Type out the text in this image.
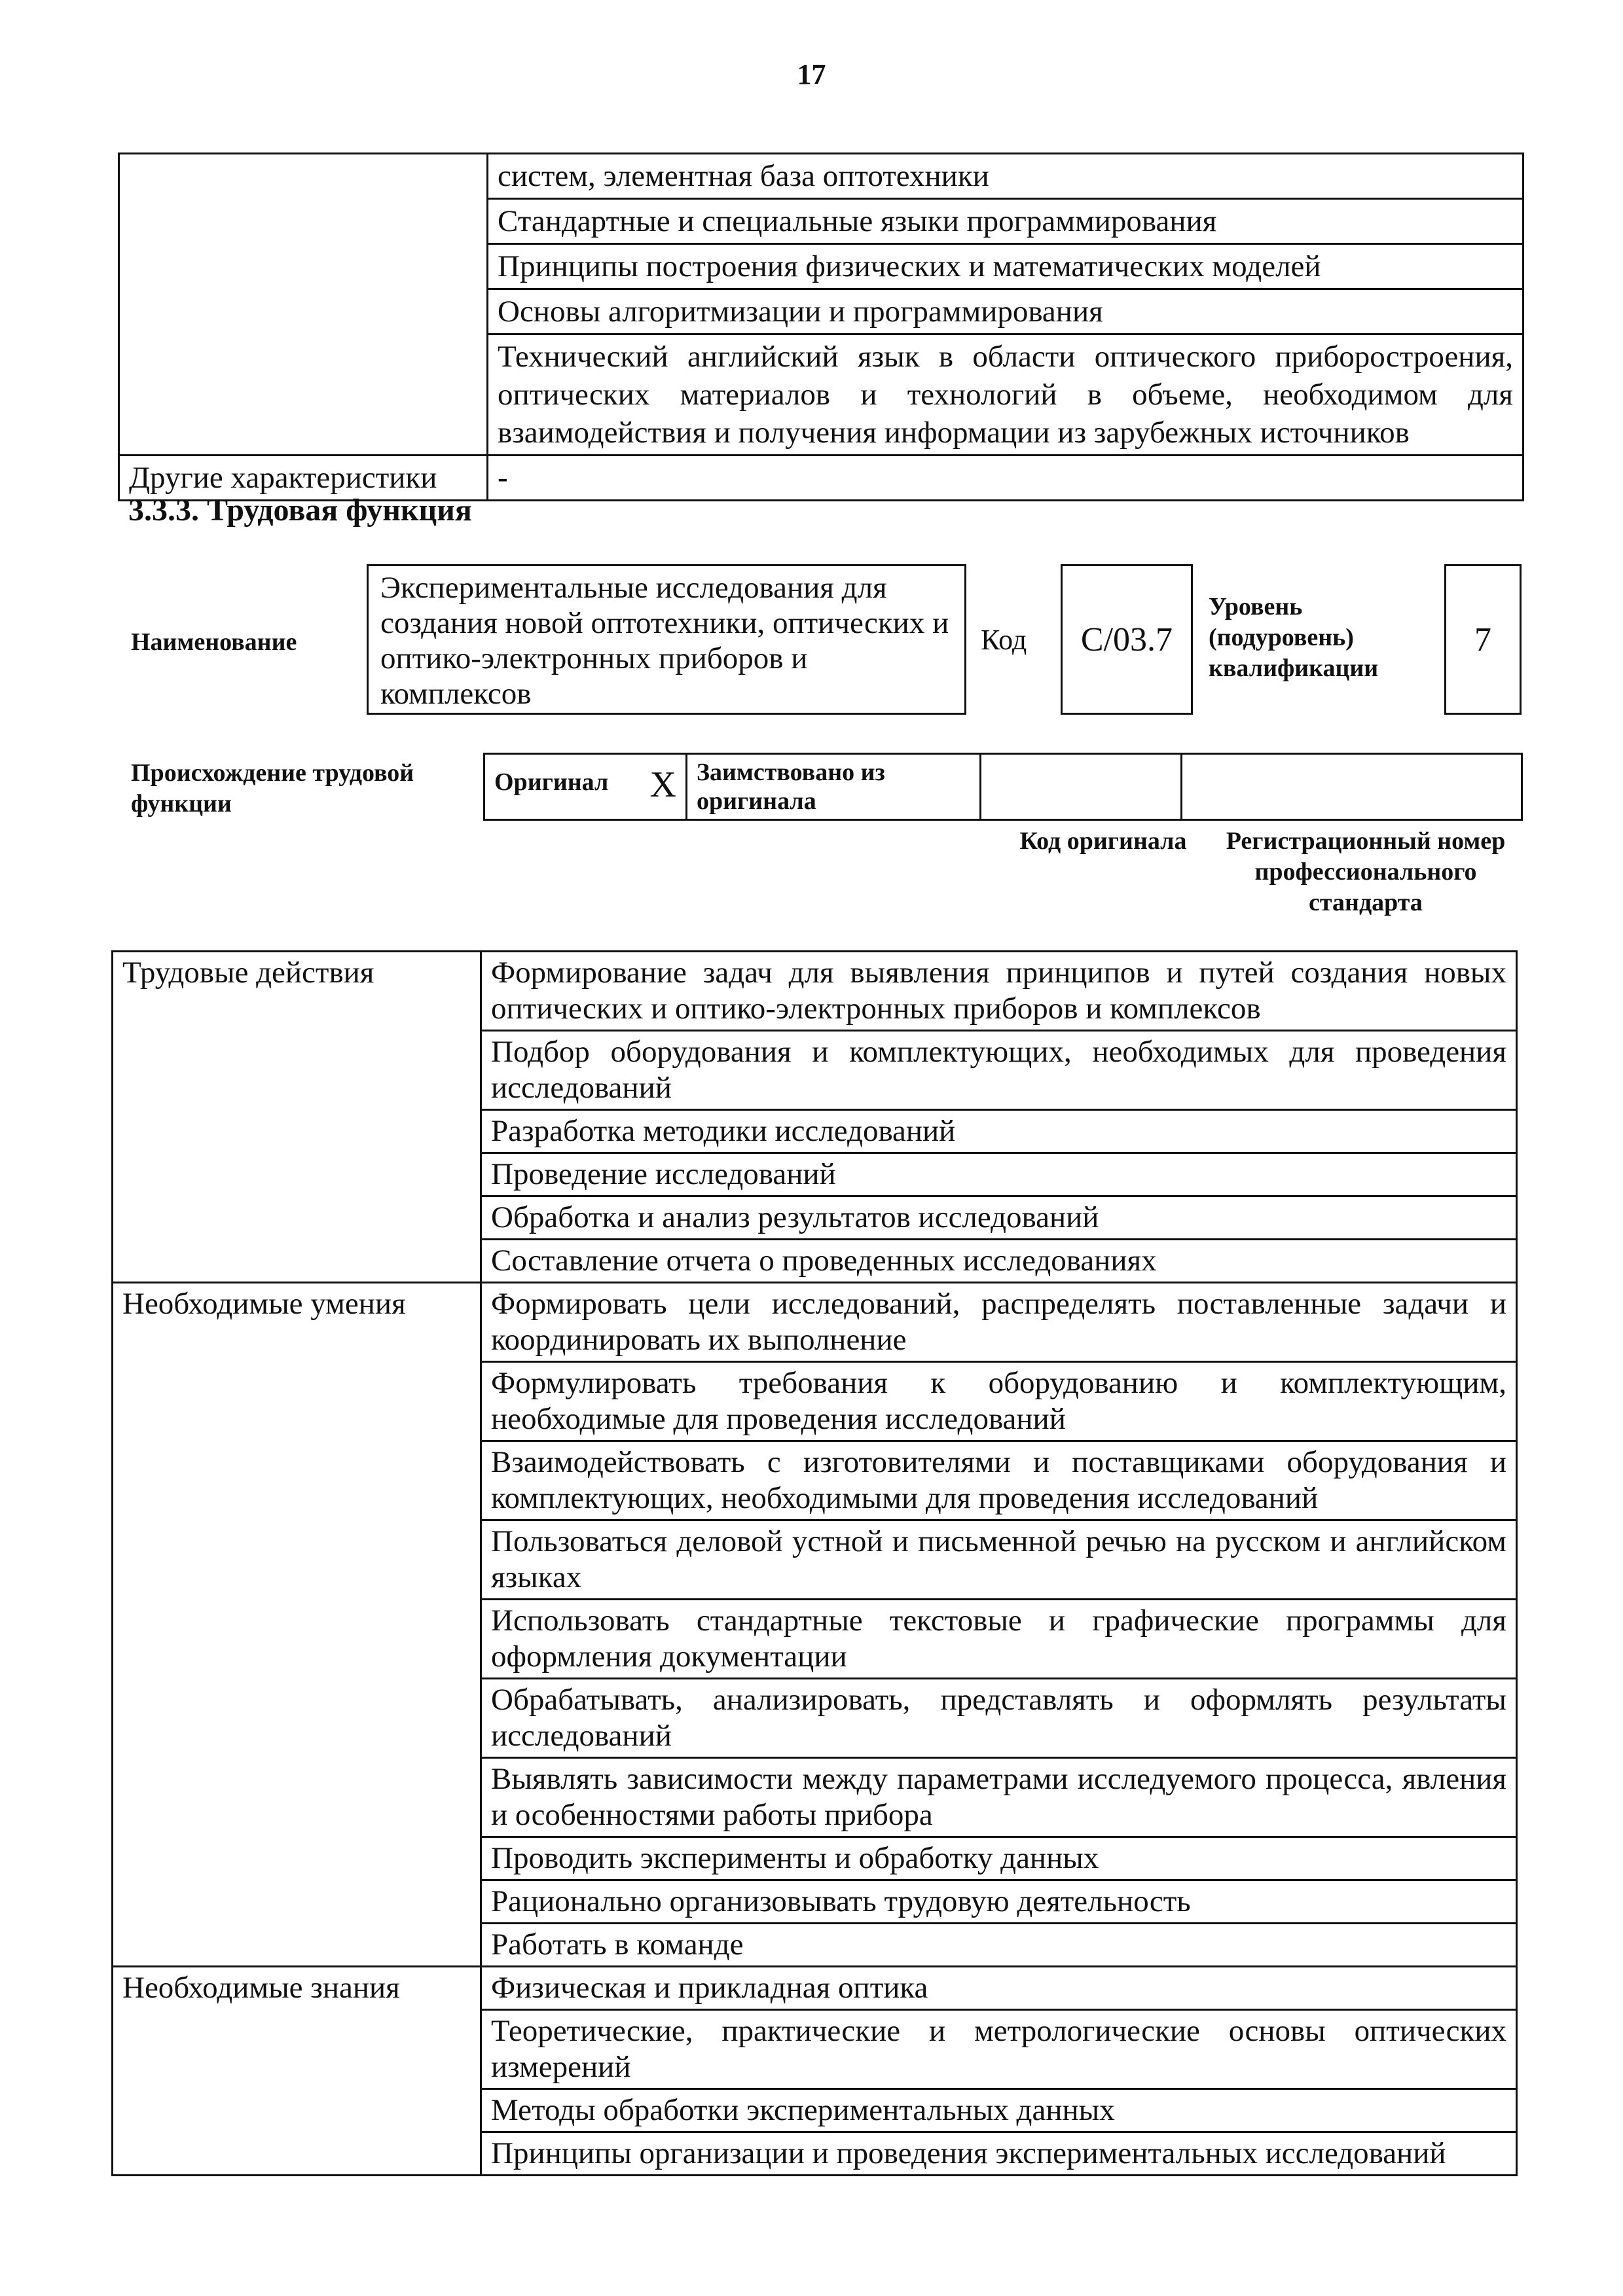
17
	систем, элементная база оптотехники
	Стандартные и специальные языки программирования
	Принципы построения физических и математических моделей
	Основы алгоритмизации и программирования
	Технический английский язык в области оптического приборостроения, оптических материалов и технологий в объеме, необходимом для взаимодействия и получения информации из зарубежных источников
Другие характеристики	-
3.3.3. Трудовая функция
Наименование
Экспериментальные исследования для создания новой оптотехники, оптических и оптико-электронных приборов и комплексов
Код	C/03.7
Уровень (подуровень) квалификации
7
Происхождение трудовой функции
Оригинал X	Заимствовано из оригинала		
Код оригинала	Регистрационный номер профессионального стандарта
Трудовые действия	Формирование задач для выявления принципов и путей создания новых оптических и оптико-электронных приборов и комплексов
	Подбор оборудования и комплектующих, необходимых для проведения исследований
	Разработка методики исследований
	Проведение исследований
	Обработка и анализ результатов исследований
	Составление отчета о проведенных исследованиях
Необходимые умения	Формировать цели исследований, распределять поставленные задачи и координировать их выполнение
	Формулировать требования к оборудованию и комплектующим, необходимые для проведения исследований
	Взаимодействовать с изготовителями и поставщиками оборудования и комплектующих, необходимыми для проведения исследований
	Пользоваться деловой устной и письменной речью на русском и английском языках
	Использовать стандартные текстовые и графические программы для оформления документации
	Обрабатывать, анализировать, представлять и оформлять результаты исследований
	Выявлять зависимости между параметрами исследуемого процесса, явления и особенностями работы прибора
	Проводить эксперименты и обработку данных
	Рационально организовывать трудовую деятельность
	Работать в команде
Необходимые знания	Физическая и прикладная оптика
	Теоретические, практические и метрологические основы оптических измерений
	Методы обработки экспериментальных данных
	Принципы организации и проведения экспериментальных исследований
